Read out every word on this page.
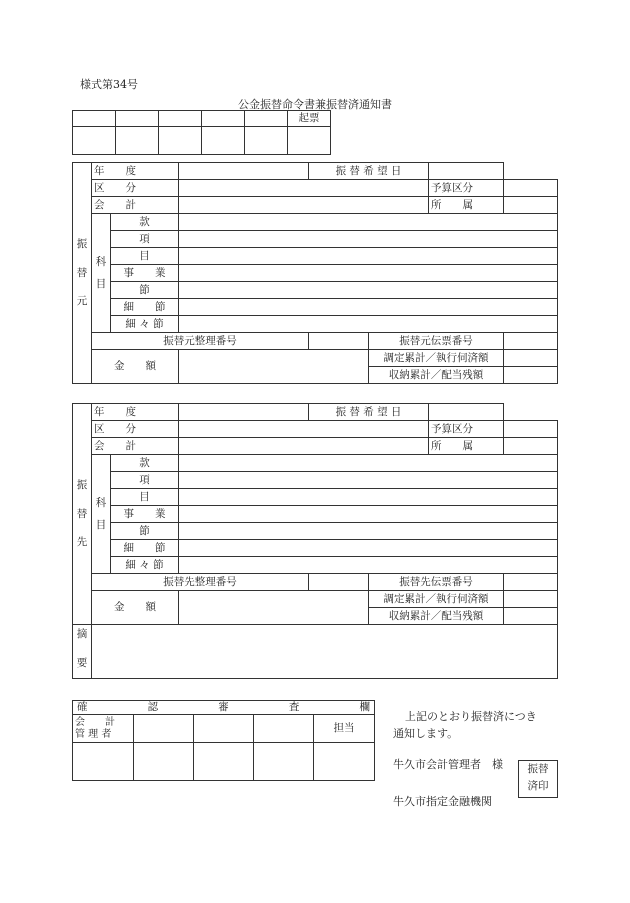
様式第34号
公金振替命令書兼振替済通知書
					起票

振
替
元	年　　度			振 替 希 望 日			
	区　　分					予算区分	
	会　　計					所　　属	

	科
目	款					
		項					
		目					
		事　　業					
		節					
		細　　節					
		細 々 節					
	振替元整理番号				振替元伝票番号		
	金　　額				調定累計／執行伺済額		
					収納累計／配当残額		
振
替
先	年　　度			振 替 希 望 日			
	区　　分					予算区分	
	会　　計					所　　属	

	科
目	款					
		項					
		目					
		事　　業					
		節					
		細　　節					
		細 々 節					
	振替先整理番号				振替先伝票番号		
	金　　額				調定累計／執行伺済額		
					収納累計／配当残額		

摘
要							

確 認 審 査 欄				

会　　計
管 理 者				担当

上記のとおり振替済につき
通知します。
牛久市会計管理者　様
牛久市指定金融機関
振替
済印
